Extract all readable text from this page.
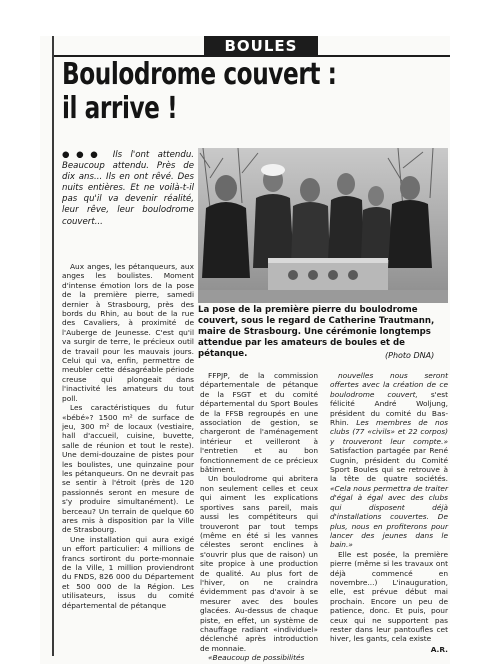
BOULES
Boulodrome couvert :
il arrive !
●●● Ils l'ont attendu. Beaucoup attendu. Près de dix ans... Ils en ont rêvé. Des nuits entières. Et ne voilà-t-il pas qu'il va devenir réalité, leur rêve, leur boulodrome couvert...
La pose de la première pierre du boulodrome couvert, sous le regard de Catherine Trautmann, maire de Strasbourg. Une cérémonie longtemps attendue par les amateurs de boules et de pétanque.	(Photo DNA)

Aux anges, les pétanqueurs, aux anges les boulistes. Moment d'intense émotion lors de la pose de la première pierre, samedi dernier à Strasbourg, près des bords du Rhin, au bout de la rue des Cavaliers, à proximité de l'Auberge de Jeunesse. C'est qu'il va surgir de terre, le précieux outil de travail pour les mauvais jours. Celui qui va, enfin, permettre de meubler cette désagréable période creuse qui plongeait dans l'inactivité les amateurs du tout poll.

Les caractéristiques du futur «bébé»? 1500 m² de surface de jeu, 300 m² de locaux (vestiaire, hall d'accueil, cuisine, buvette, salle de réunion et tout le reste). Une demi-douzaine de pistes pour les boulistes, une quinzaine pour les pétanqueurs. On ne devrait pas se sentir à l'étroit (près de 120 passionnés seront en mesure de s'y produire simultanément). Le berceau? Un terrain de quelque 60 ares mis à disposition par la Ville de Strasbourg.

Une installation qui aura exigé un effort particulier: 4 millions de francs sortiront du porte-monnaie de la Ville, 1 million proviendront du FNDS, 826 000 du Département et 500 000 de la Région. Les utilisateurs, issus du comité départemental de pétanque

FFPJP, de la commission départementale de pétanque de la FSGT et du comité départemental du Sport Boules de la FFSB regroupés en une association de gestion, se chargeront de l'aménagement intérieur et veilleront à l'entretien et au bon fonctionnement de ce précieux bâtiment.

Un boulodrome qui abritera non seulement celles et ceux qui aiment les explications sportives sans pareil, mais aussi les compétiteurs qui trouveront par tout temps (même en été si les vannes célestes seront enclines à s'ouvrir plus que de raison) un site propice à une production de qualité. Au plus fort de l'hiver, on ne craindra évidemment pas d'avoir à se mesurer avec des boules glacées. Au-dessus de chaque piste, en effet, un système de chauffage radiant «individuel» déclenché après introduction de monnaie.

«Beaucoup de possibilités

nouvelles nous seront offertes avec la création de ce boulodrome couvert, s'est félicité André Woljung, président du comité du Bas-Rhin. Les membres de nos clubs (77 «civils» et 22 corpos) y trouveront leur compte.» Satisfaction partagée par René Cugnin, président du Comité Sport Boules qui se retrouve à la tête de quatre sociétés. «Cela nous permettra de traiter d'égal à égal avec des clubs qui disposent déjà d'installations couvertes. De plus, nous en profiterons pour lancer des jeunes dans le bain.»

Elle est posée, la première pierre (même si les travaux ont déjà commencé en novembre...) L'inauguration, elle, est prévue début mai prochain. Encore un peu de patience, donc. Et puis, pour ceux qui ne supportent pas rester dans leur pantoufles cet hiver, les gants, cela existe

A.R.
